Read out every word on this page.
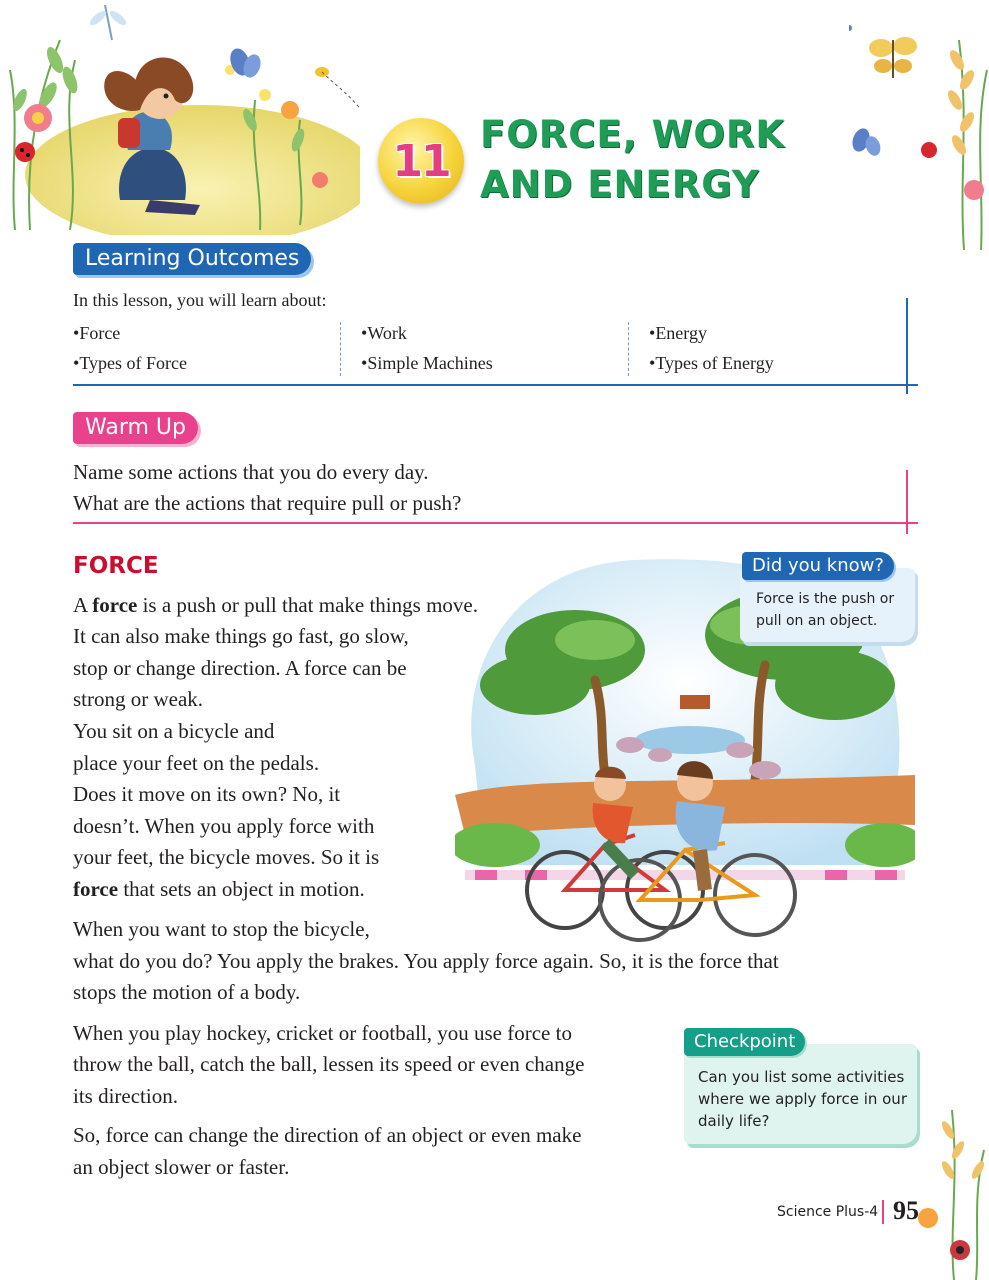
11
FORCE, WORK
AND ENERGY
Learning Outcomes
In this lesson, you will learn about:
• Force
• Types of Force
• Work
• Simple Machines
• Energy
• Types of Energy
Warm Up
Name some actions that you do every day.
What are the actions that require pull or push?
FORCE
A force is a push or pull that make things move.
It can also make things go fast, go slow,
stop or change direction. A force can be
strong or weak.
You sit on a bicycle and
place your feet on the pedals.
Does it move on its own? No, it
doesn’t. When you apply force with
your feet, the bicycle moves. So it is
force that sets an object in motion.
When you want to stop the bicycle,
what do you do? You apply the brakes. You apply force again. So, it is the force that
stops the motion of a body.
When you play hockey, cricket or football, you use force to
throw the ball, catch the ball, lessen its speed or even change
its direction.
So, force can change the direction of an object or even make
an object slower or faster.
Force is the push or pull on an object.
Did you know?
Can you list some activities where we apply force in our daily life?
Checkpoint
Science Plus-4 95
